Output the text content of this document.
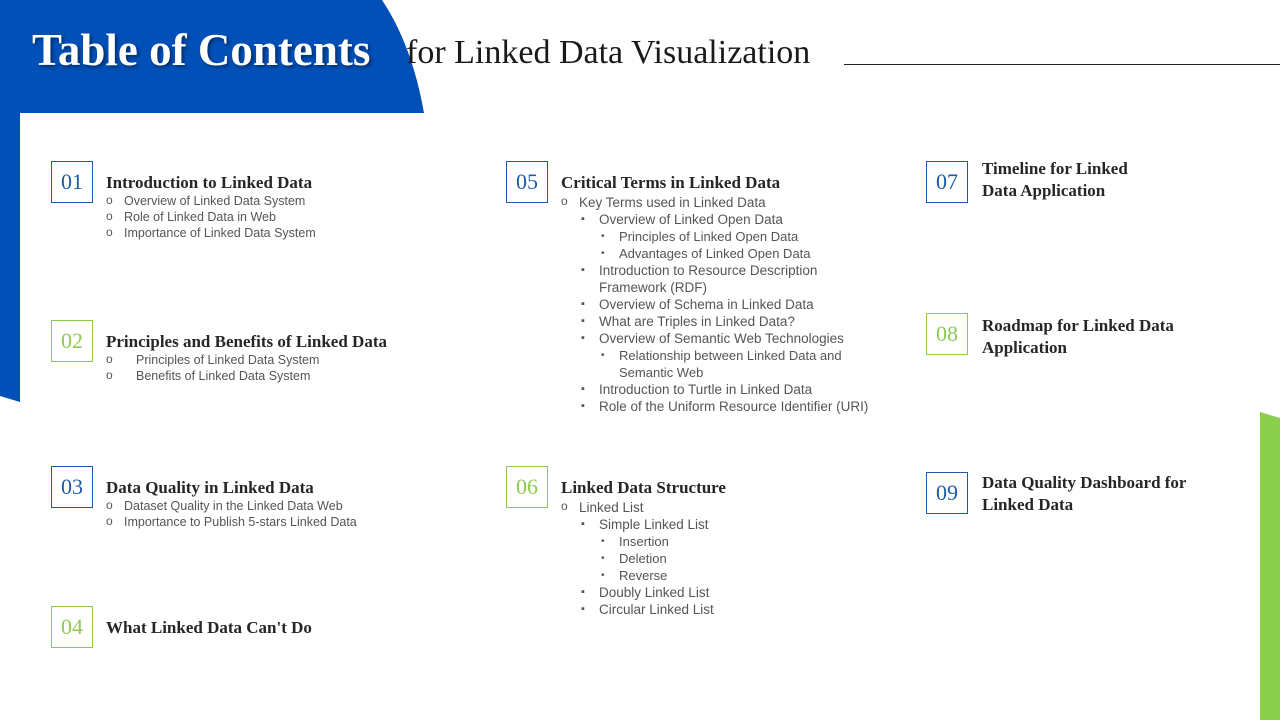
Table of Contents for Linked Data Visualization
01	Introduction to Linked Data
o Overview of Linked Data System
o Role of Linked Data in Web
o Importance of Linked Data System
02	Principles and Benefits of Linked Data
o Principles of Linked Data System
o Benefits of Linked Data System
03	Data Quality in Linked Data
o Dataset Quality in the Linked Data Web
o Importance to Publish 5-stars Linked Data
04	What Linked Data Can't Do
05	Critical Terms in Linked Data
o Key Terms used in Linked Data
▪ Overview of Linked Open Data
• Principles of Linked Open Data
• Advantages of Linked Open Data
▪ Introduction to Resource Description
Framework (RDF)
▪ Overview of Schema in Linked Data
▪ What are Triples in Linked Data?
▪ Overview of Semantic Web Technologies
• Relationship between Linked Data and
Semantic Web
▪ Introduction to Turtle in Linked Data
▪ Role of the Uniform Resource Identifier (URI)
06	Linked Data Structure
o Linked List
▪ Simple Linked List
• Insertion
• Deletion
• Reverse
▪ Doubly Linked List
▪ Circular Linked List
07
Timeline for Linked
Data Application
08	Roadmap for Linked Data
Application
09	Data Quality Dashboard for
Linked Data
3
